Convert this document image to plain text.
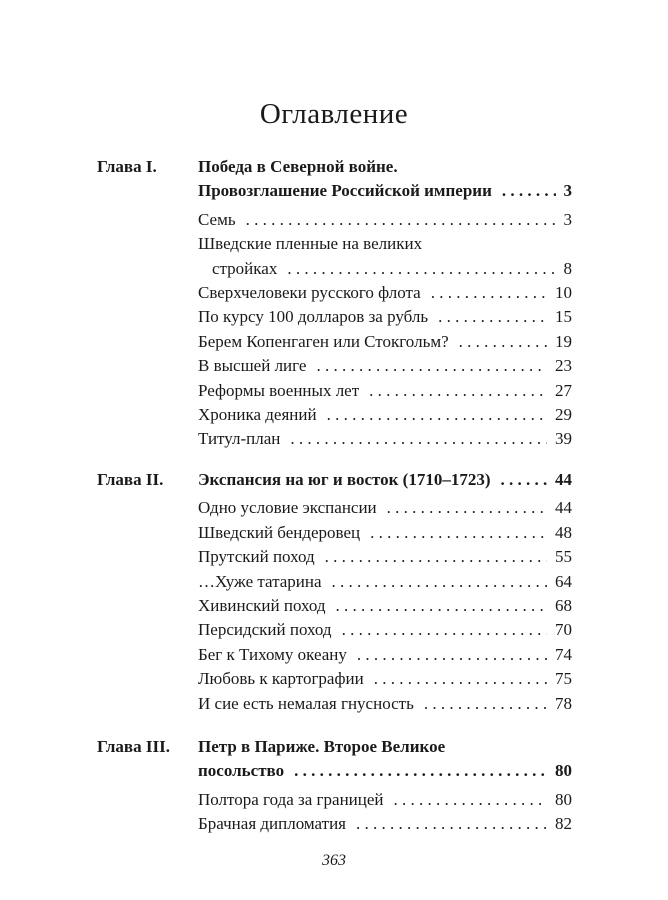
Оглавление
Глава I. Победа в Северной войне.
Провозглашение Российской империи . . .	3
Семь . . .	3
Шведские пленные на великих
стройках . . .	8
Сверхчеловеки русского флота . . .	10
По курсу 100 долларов за рубль . . .	15
Берем Копенгаген или Стокгольм? . . .	19
В высшей лиге . . .	23
Реформы военных лет . . .	27
Хроника деяний . . .	29
Титул-план . . .	39
Глава II. Экспансия на юг и восток (1710–1723) . . .	44
Одно условие экспансии . . .	44
Шведский бендеровец . . .	48
Прутский поход . . .	55
…Хуже татарина . . .	64
Хивинский поход . . .	68
Персидский поход . . .	70
Бег к Тихому океану . . .	74
Любовь к картографии . . .	75
И сие есть немалая гнусность . . .	78
Глава III. Петр в Париже. Второе Великое
посольство . . .	80
Полтора года за границей . . .	80
Брачная дипломатия . . .	82
363
